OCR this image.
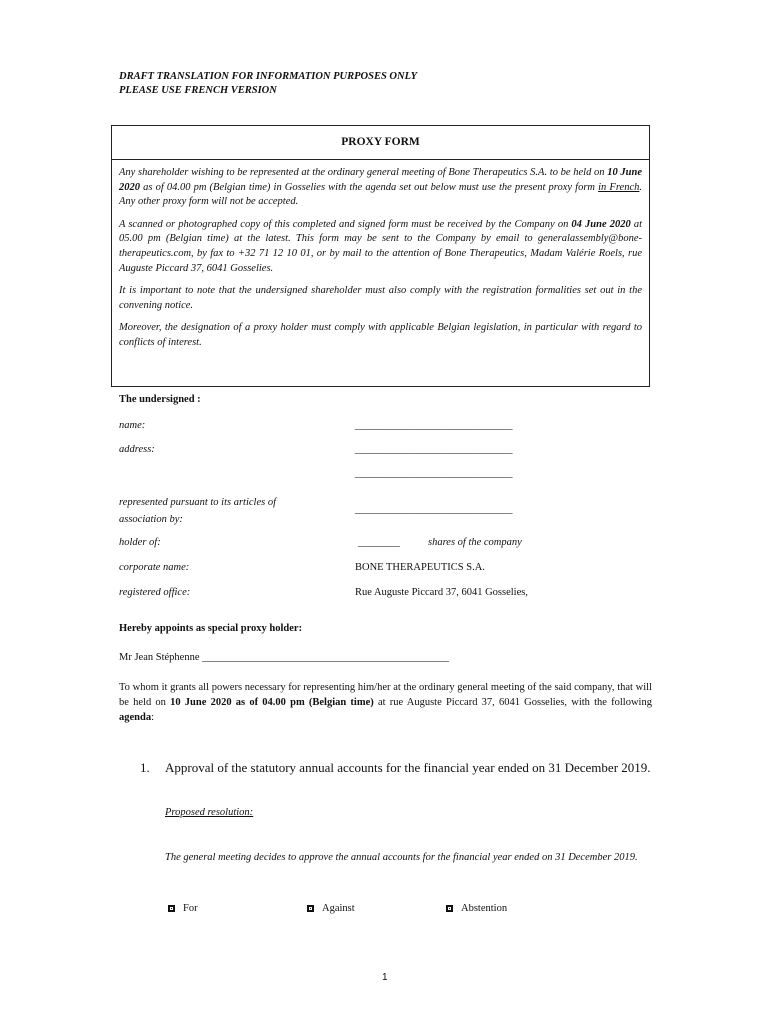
DRAFT TRANSLATION FOR INFORMATION PURPOSES ONLY
PLEASE USE FRENCH VERSION
PROXY FORM

Any shareholder wishing to be represented at the ordinary general meeting of Bone Therapeutics S.A. to be held on 10 June 2020 as of 04.00 pm (Belgian time) in Gosselies with the agenda set out below must use the present proxy form in French. Any other proxy form will not be accepted.

A scanned or photographed copy of this completed and signed form must be received by the Company on 04 June 2020 at 05.00 pm (Belgian time) at the latest. This form may be sent to the Company by email to generalassembly@bone-therapeutics.com, by fax to +32 71 12 10 01, or by mail to the attention of Bone Therapeutics, Madam Valérie Roels, rue Auguste Piccard 37, 6041 Gosselies.

It is important to note that the undersigned shareholder must also comply with the registration formalities set out in the convening notice.

Moreover, the designation of a proxy holder must comply with applicable Belgian legislation, in particular with regard to conflicts of interest.

The undersigned :
name:	______________________________
address:	______________________________
______________________________
represented pursuant to its articles of
association by:
______________________________
holder of:	________	shares of the company
corporate name:	BONE THERAPEUTICS S.A.
registered office:	Rue Auguste Piccard 37, 6041 Gosselies,
Hereby appoints as special proxy holder:
Mr Jean Stéphenne _______________________________________________
To whom it grants all powers necessary for representing him/her at the ordinary general meeting of the said company, that will be held on 10 June 2020 as of 04.00 pm (Belgian time) at rue Auguste Piccard 37, 6041 Gosselies, with the following agenda:
1.	Approval of the statutory annual accounts for the financial year ended on 31 December 2019.
Proposed resolution:
The general meeting decides to approve the annual accounts for the financial year ended on 31 December 2019.
For	Against	Abstention
1
